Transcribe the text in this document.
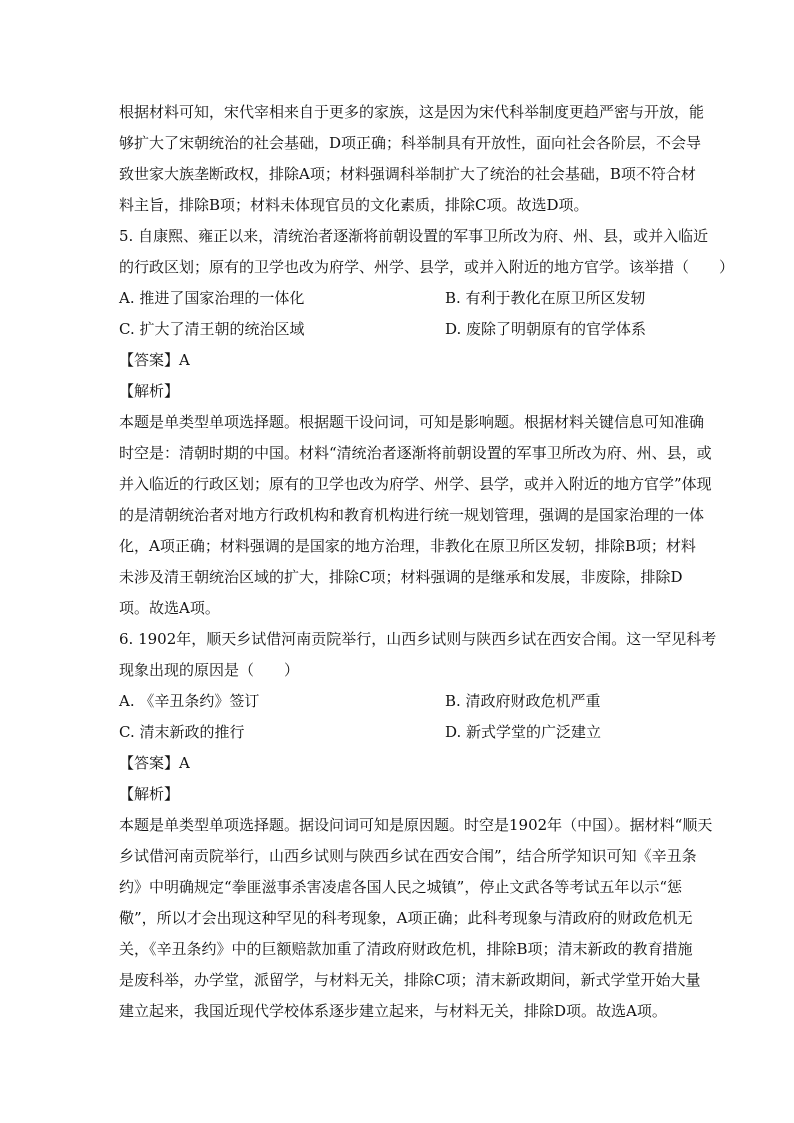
根据材料可知，宋代宰相来自于更多的家族，这是因为宋代科举制度更趋严密与开放，能
够扩大了宋朝统治的社会基础，D项正确；科举制具有开放性，面向社会各阶层，不会导
致世家大族垄断政权，排除A项；材料强调科举制扩大了统治的社会基础，B项不符合材
料主旨，排除B项；材料未体现官员的文化素质，排除C项。故选D项。
5. 自康熙、雍正以来，清统治者逐渐将前朝设置的军事卫所改为府、州、县，或并入临近
的行政区划；原有的卫学也改为府学、州学、县学，或并入附近的地方官学。该举措（　　）
A. 推进了国家治理的一体化	B. 有利于教化在原卫所区发轫
C. 扩大了清王朝的统治区域	D. 废除了明朝原有的官学体系
【答案】A
【解析】
本题是单类型单项选择题。根据题干设问词，可知是影响题。根据材料关键信息可知准确
时空是：清朝时期的中国。材料“清统治者逐渐将前朝设置的军事卫所改为府、州、县，或
并入临近的行政区划；原有的卫学也改为府学、州学、县学，或并入附近的地方官学”体现
的是清朝统治者对地方行政机构和教育机构进行统一规划管理，强调的是国家治理的一体
化，A项正确；材料强调的是国家的地方治理，非教化在原卫所区发轫，排除B项；材料
未涉及清王朝统治区域的扩大，排除C项；材料强调的是继承和发展，非废除，排除D
项。故选A项。
6. 1902年，顺天乡试借河南贡院举行，山西乡试则与陕西乡试在西安合闱。这一罕见科考
现象出现的原因是（　　）
A. 《辛丑条约》签订	B. 清政府财政危机严重
C. 清末新政的推行	D. 新式学堂的广泛建立
【答案】A
【解析】
本题是单类型单项选择题。据设问词可知是原因题。时空是1902年（中国）。据材料“顺天
乡试借河南贡院举行，山西乡试则与陕西乡试在西安合闱”，结合所学知识可知《辛丑条
约》中明确规定“拳匪滋事杀害凌虐各国人民之城镇”，停止文武各等考试五年以示“惩
儆”，所以才会出现这种罕见的科考现象，A项正确；此科考现象与清政府的财政危机无
关，《辛丑条约》中的巨额赔款加重了清政府财政危机，排除B项；清末新政的教育措施
是废科举，办学堂，派留学，与材料无关，排除C项；清末新政期间，新式学堂开始大量
建立起来，我国近现代学校体系逐步建立起来，与材料无关，排除D项。故选A项。
